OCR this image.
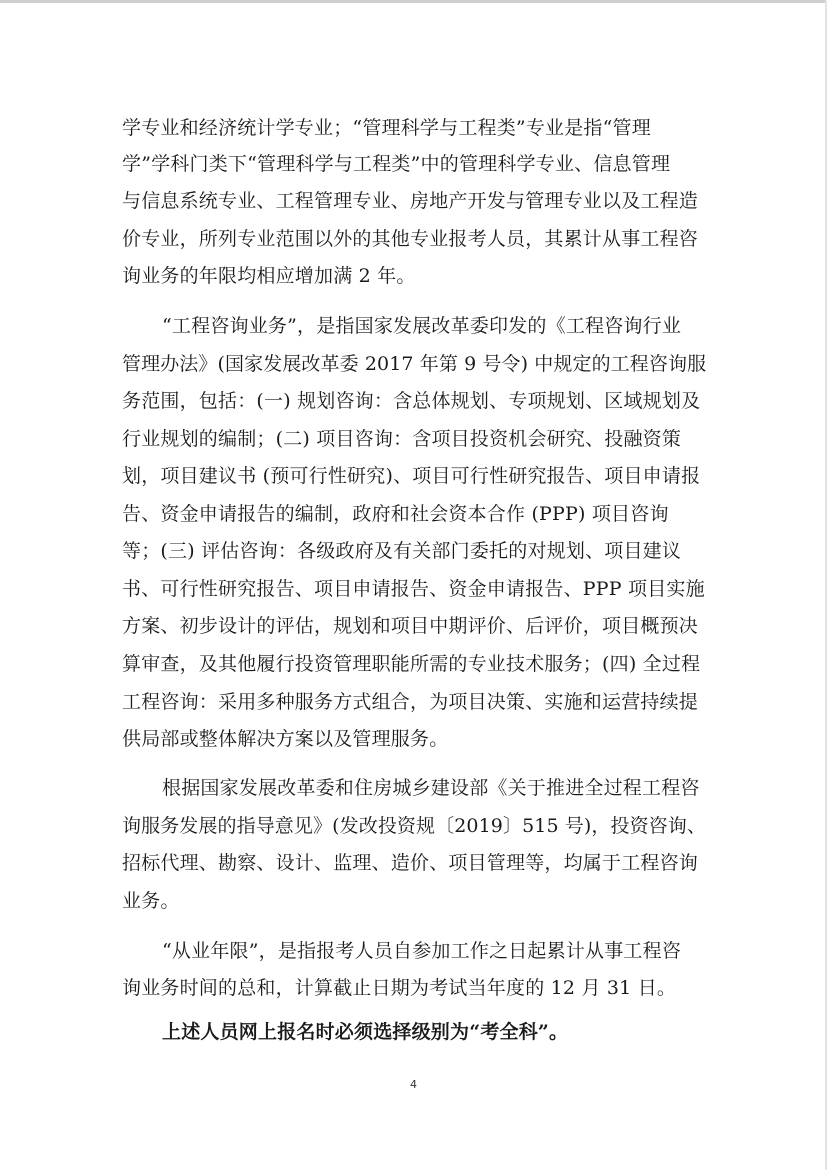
学专业和经济统计学专业；“管理科学与工程类”专业是指“管理
学”学科门类下“管理科学与工程类”中的管理科学专业、信息管理
与信息系统专业、工程管理专业、房地产开发与管理专业以及工程造
价专业，所列专业范围以外的其他专业报考人员，其累计从事工程咨
询业务的年限均相应增加满 2 年。
“工程咨询业务”，是指国家发展改革委印发的《工程咨询行业
管理办法》(国家发展改革委 2017 年第 9 号令) 中规定的工程咨询服
务范围，包括：(一) 规划咨询：含总体规划、专项规划、区域规划及
行业规划的编制；(二) 项目咨询：含项目投资机会研究、投融资策
划，项目建议书 (预可行性研究)、项目可行性研究报告、项目申请报
告、资金申请报告的编制，政府和社会资本合作 (PPP) 项目咨询
等；(三) 评估咨询：各级政府及有关部门委托的对规划、项目建议
书、可行性研究报告、项目申请报告、资金申请报告、PPP 项目实施
方案、初步设计的评估，规划和项目中期评价、后评价，项目概预决
算审查，及其他履行投资管理职能所需的专业技术服务；(四) 全过程
工程咨询：采用多种服务方式组合，为项目决策、实施和运营持续提
供局部或整体解决方案以及管理服务。
根据国家发展改革委和住房城乡建设部《关于推进全过程工程咨
询服务发展的指导意见》(发改投资规〔2019〕515 号)，投资咨询、
招标代理、勘察、设计、监理、造价、项目管理等，均属于工程咨询
业务。
“从业年限”，是指报考人员自参加工作之日起累计从事工程咨
询业务时间的总和，计算截止日期为考试当年度的 12 月 31 日。
上述人员网上报名时必须选择级别为“考全科”。
4
